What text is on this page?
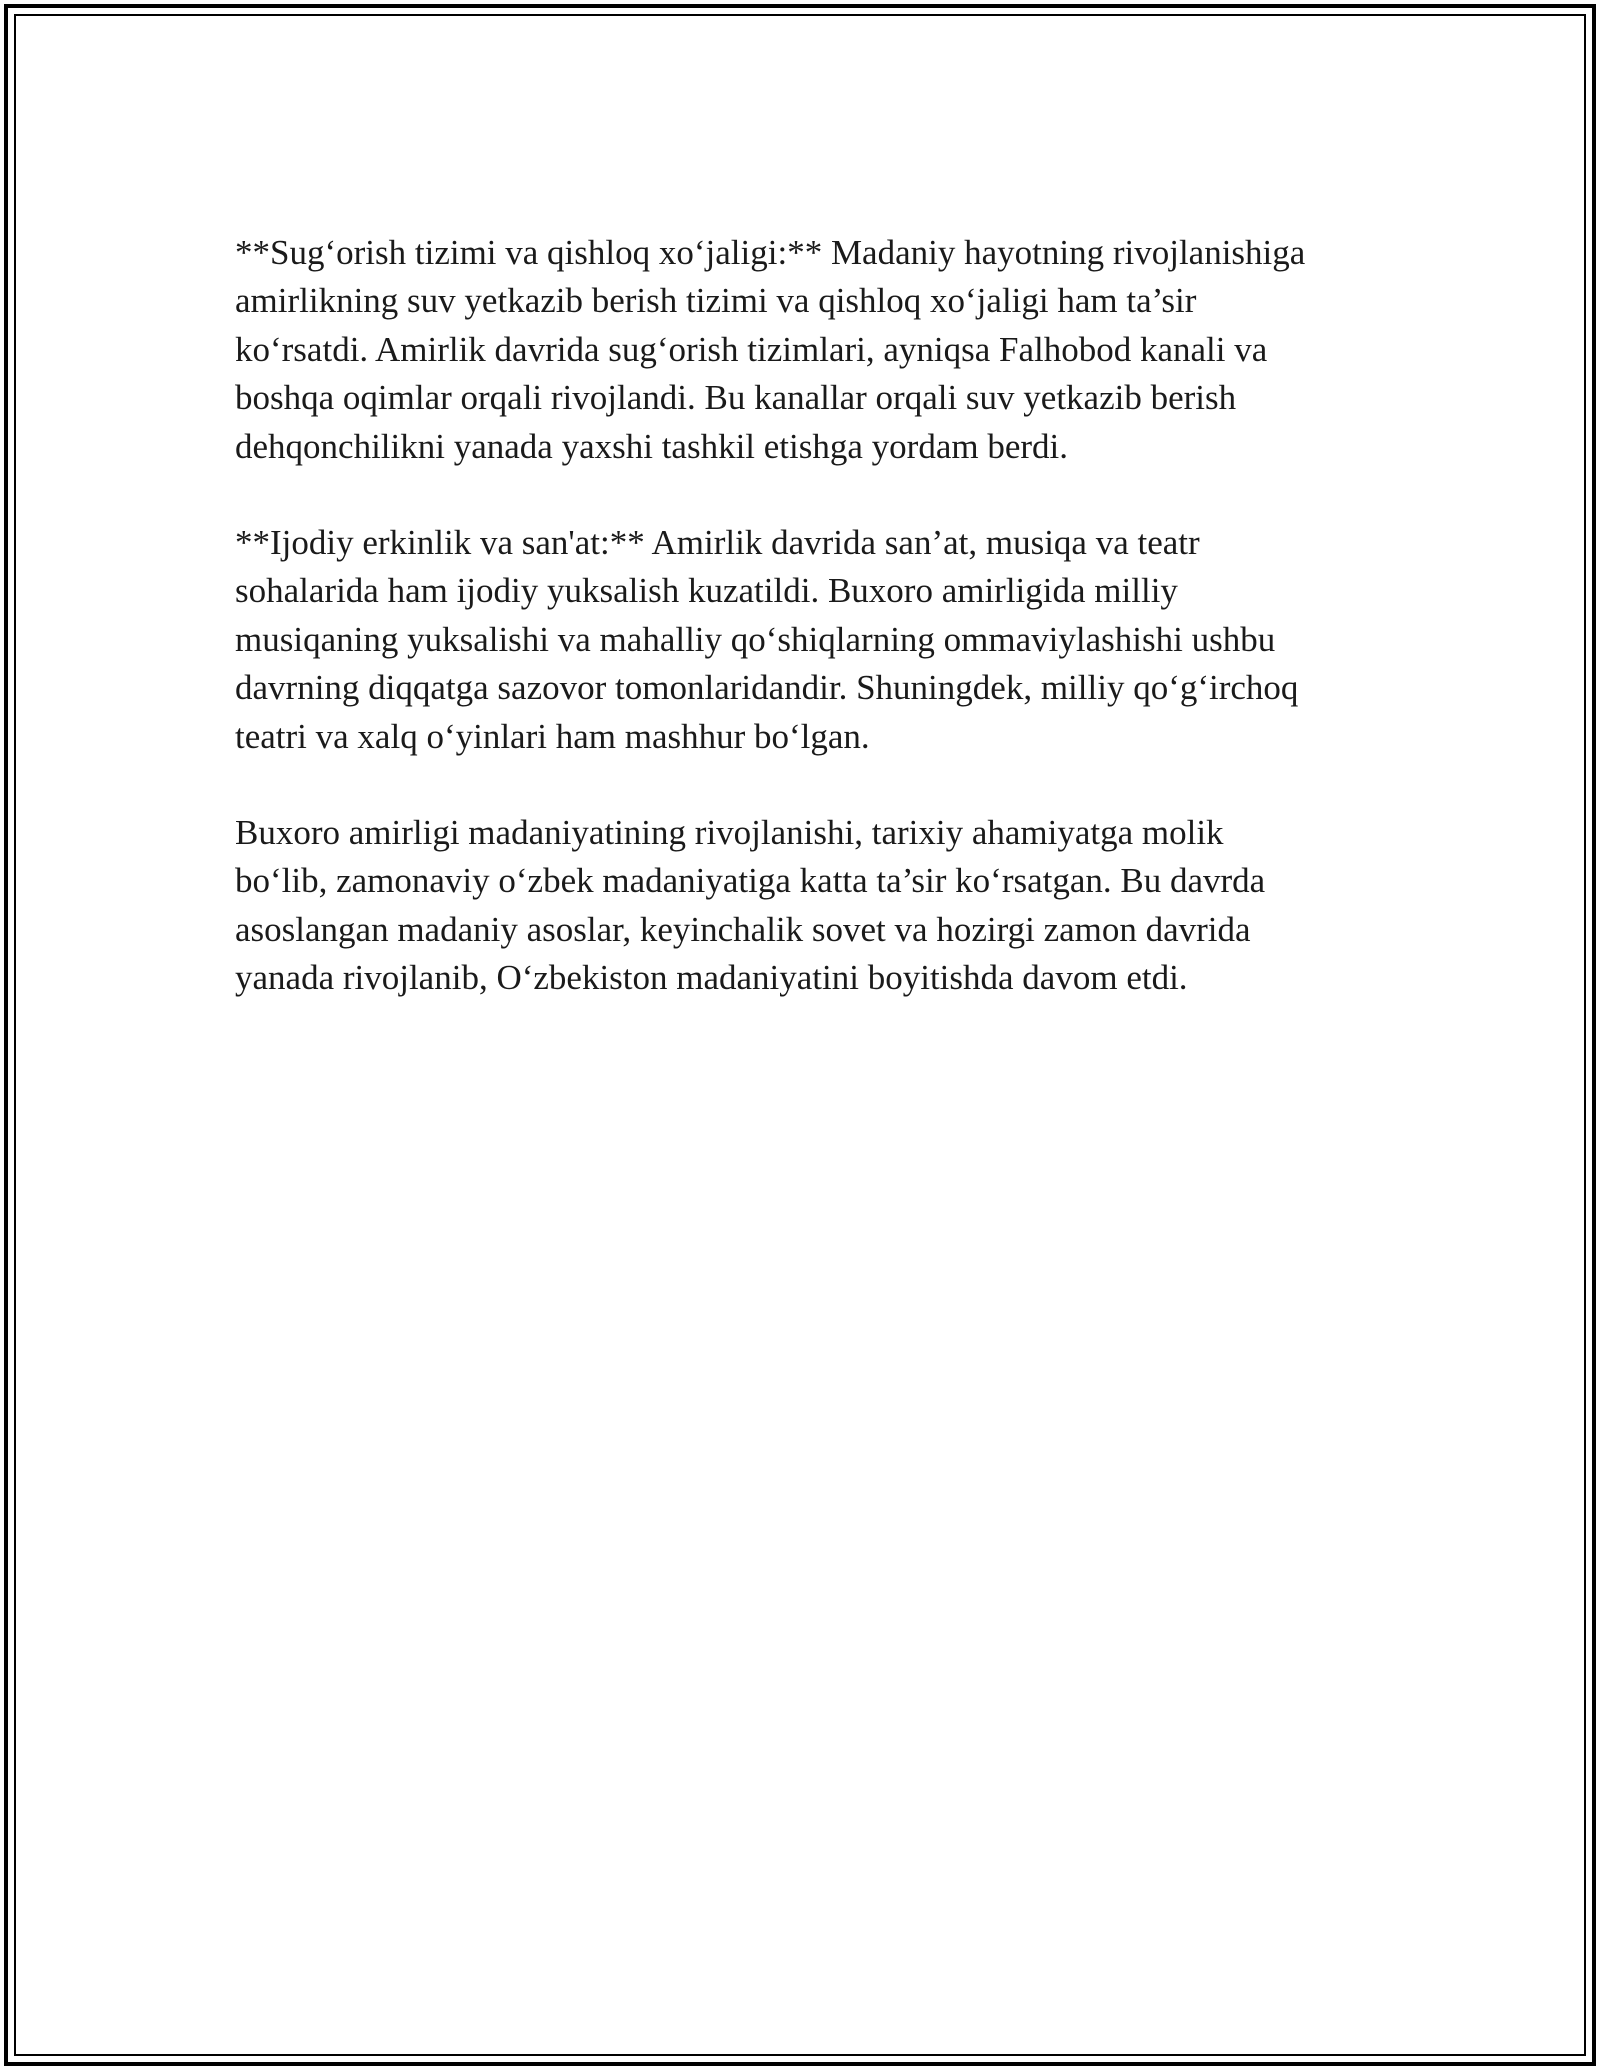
**Sug‘orish tizimi va qishloq xo‘jaligi:** Madaniy hayotning rivojlanishiga
amirlikning suv yetkazib berish tizimi va qishloq xo‘jaligi ham ta’sir
ko‘rsatdi. Amirlik davrida sug‘orish tizimlari, ayniqsa Falhobod kanali va
boshqa oqimlar orqali rivojlandi. Bu kanallar orqali suv yetkazib berish
dehqonchilikni yanada yaxshi tashkil etishga yordam berdi.

**Ijodiy erkinlik va san'at:** Amirlik davrida san’at, musiqa va teatr
sohalarida ham ijodiy yuksalish kuzatildi. Buxoro amirligida milliy
musiqaning yuksalishi va mahalliy qo‘shiqlarning ommaviylashishi ushbu
davrning diqqatga sazovor tomonlaridandir. Shuningdek, milliy qo‘g‘irchoq
teatri va xalq o‘yinlari ham mashhur bo‘lgan.

Buxoro amirligi madaniyatining rivojlanishi, tarixiy ahamiyatga molik
bo‘lib, zamonaviy o‘zbek madaniyatiga katta ta’sir ko‘rsatgan. Bu davrda
asoslangan madaniy asoslar, keyinchalik sovet va hozirgi zamon davrida
yanada rivojlanib, O‘zbekiston madaniyatini boyitishda davom etdi.
